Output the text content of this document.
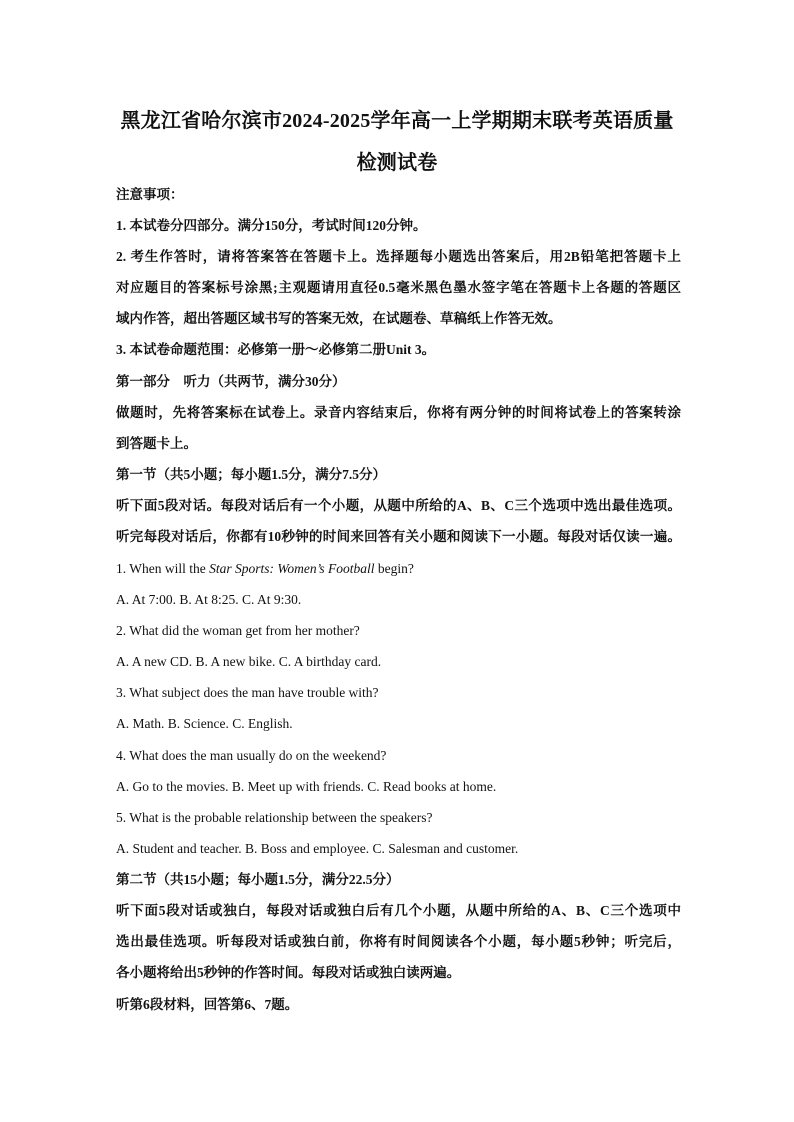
黑龙江省哈尔滨市2024-2025学年高一上学期期末联考英语质量
检测试卷
注意事项：
1. 本试卷分四部分。满分150分，考试时间120分钟。
2. 考生作答时，请将答案答在答题卡上。选择题每小题选出答案后，用2B铅笔把答题卡上
对应题目的答案标号涂黑;主观题请用直径0.5毫米黑色墨水签字笔在答题卡上各题的答题区
域内作答，超出答题区域书写的答案无效，在试题卷、草稿纸上作答无效。
3. 本试卷命题范围：必修第一册～必修第二册Unit 3。
第一部分　听力（共两节，满分30分）
做题时，先将答案标在试卷上。录音内容结束后，你将有两分钟的时间将试卷上的答案转涂
到答题卡上。
第一节（共5小题；每小题1.5分，满分7.5分）
听下面5段对话。每段对话后有一个小题，从题中所给的A、B、C三个选项中选出最佳选项。
听完每段对话后，你都有10秒钟的时间来回答有关小题和阅读下一小题。每段对话仅读一遍。
1. When will the Star Sports: Women’s Football begin?
A. At 7:00. B. At 8:25. C. At 9:30.
2. What did the woman get from her mother?
A. A new CD. B. A new bike. C. A birthday card.
3. What subject does the man have trouble with?
A. Math. B. Science. C. English.
4. What does the man usually do on the weekend?
A. Go to the movies. B. Meet up with friends. C. Read books at home.
5. What is the probable relationship between the speakers?
A. Student and teacher. B. Boss and employee. C. Salesman and customer.
第二节（共15小题；每小题1.5分，满分22.5分）
听下面5段对话或独白，每段对话或独白后有几个小题，从题中所给的A、B、C三个选项中
选出最佳选项。听每段对话或独白前，你将有时间阅读各个小题，每小题5秒钟；听完后，
各小题将给出5秒钟的作答时间。每段对话或独白读两遍。
听第6段材料，回答第6、7题。
